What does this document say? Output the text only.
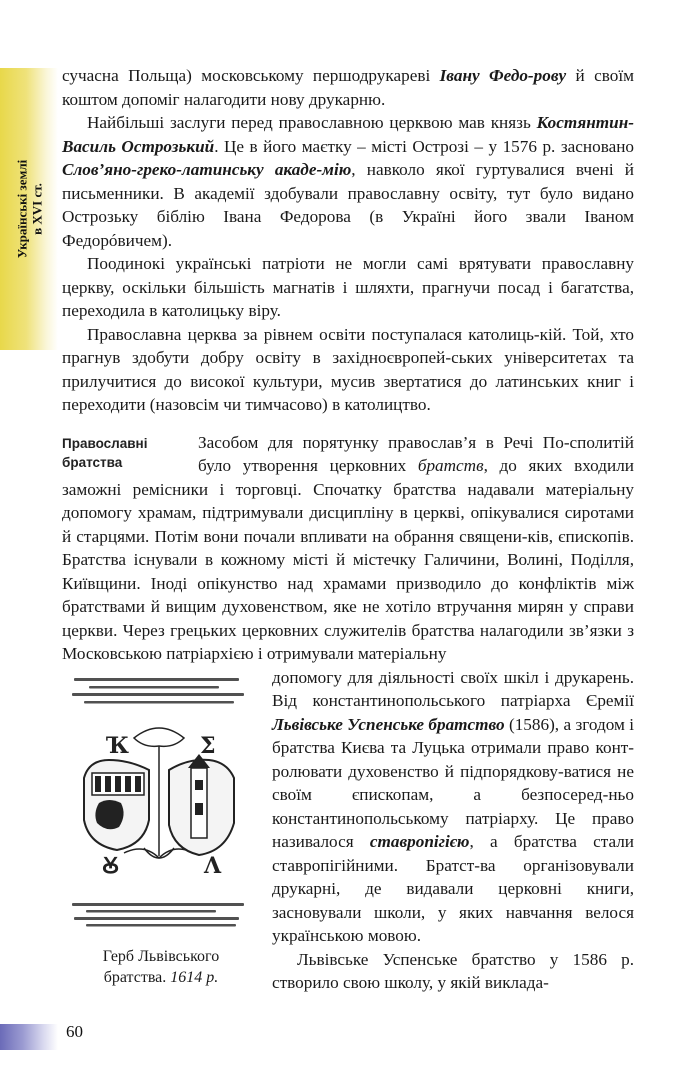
Українські землі в XVI ст.

сучасна Польща) московському першодрукареві Івану Федо-рову й своїм коштом допоміг налагодити нову друкарню.

Найбільші заслуги перед православною церквою мав князь Костянтин-Василь Острозький. Це в його маєтку – місті Острозі – у 1576 р. засновано Слов’яно-греко-латинську акаде-мію, навколо якої гуртувалися вчені й письменники. В академії здобували православну освіту, тут було видано Острозьку біблію Івана Федорова (в Україні його звали Іваном Федорóвичем).

Поодинокі українські патріоти не могли самі врятувати православну церкву, оскільки більшість магнатів і шляхти, прагнучи посад і багатства, переходила в католицьку віру.

Православна церква за рівнем освіти поступалася католиць-кій. Той, хто прагнув здобути добру освіту в західноєвропей-ських університетах та прилучитися до високої культури, мусив звертатися до латинських книг і переходити (назовсім чи тимчасово) в католицтво.

Православні
братства

Засобом для порятунку православ’я в Речі По-сполитій було утворення церковних братств, до яких входили заможні ремісники і торговці. Спочатку братства надавали матеріальну допомогу храмам, підтримували дисципліну в церкві, опікувалися сиротами й старцями. Потім вони почали впливати на обрання священи-ків, єпископів. Братства існували в кожному місті й містечку Галичини, Волині, Поділля, Київщини. Іноді опікунство над храмами призводило до конфліктів між братствами й вищим духовенством, яке не хотіло втручання мирян у справи церкви. Через грецьких церковних служителів братства налагодили зв’язки з Московською патріархією і отримували матеріальну

Ҡ	Σ
Ꙋ	Λ
Герб Львівського
братства. 1614 р.

допомогу для діяльності своїх шкіл і друкарень. Від константинопольського патріарха Єремії Львівське Успенське братство (1586), а згодом і братства Києва та Луцька отримали право конт-ролювати духовенство й підпорядкову-ватися не своїм єпископам, а безпосеред-ньо константинопольському патріарху. Це право називалося ставропігією, а братства стали ставропігійними. Братст-ва організовували друкарні, де видавали церковні книги, засновували школи, у яких навчання велося українською мовою.

Львівське Успенське братство у 1586 р. створило свою школу, у якій виклада-

60
